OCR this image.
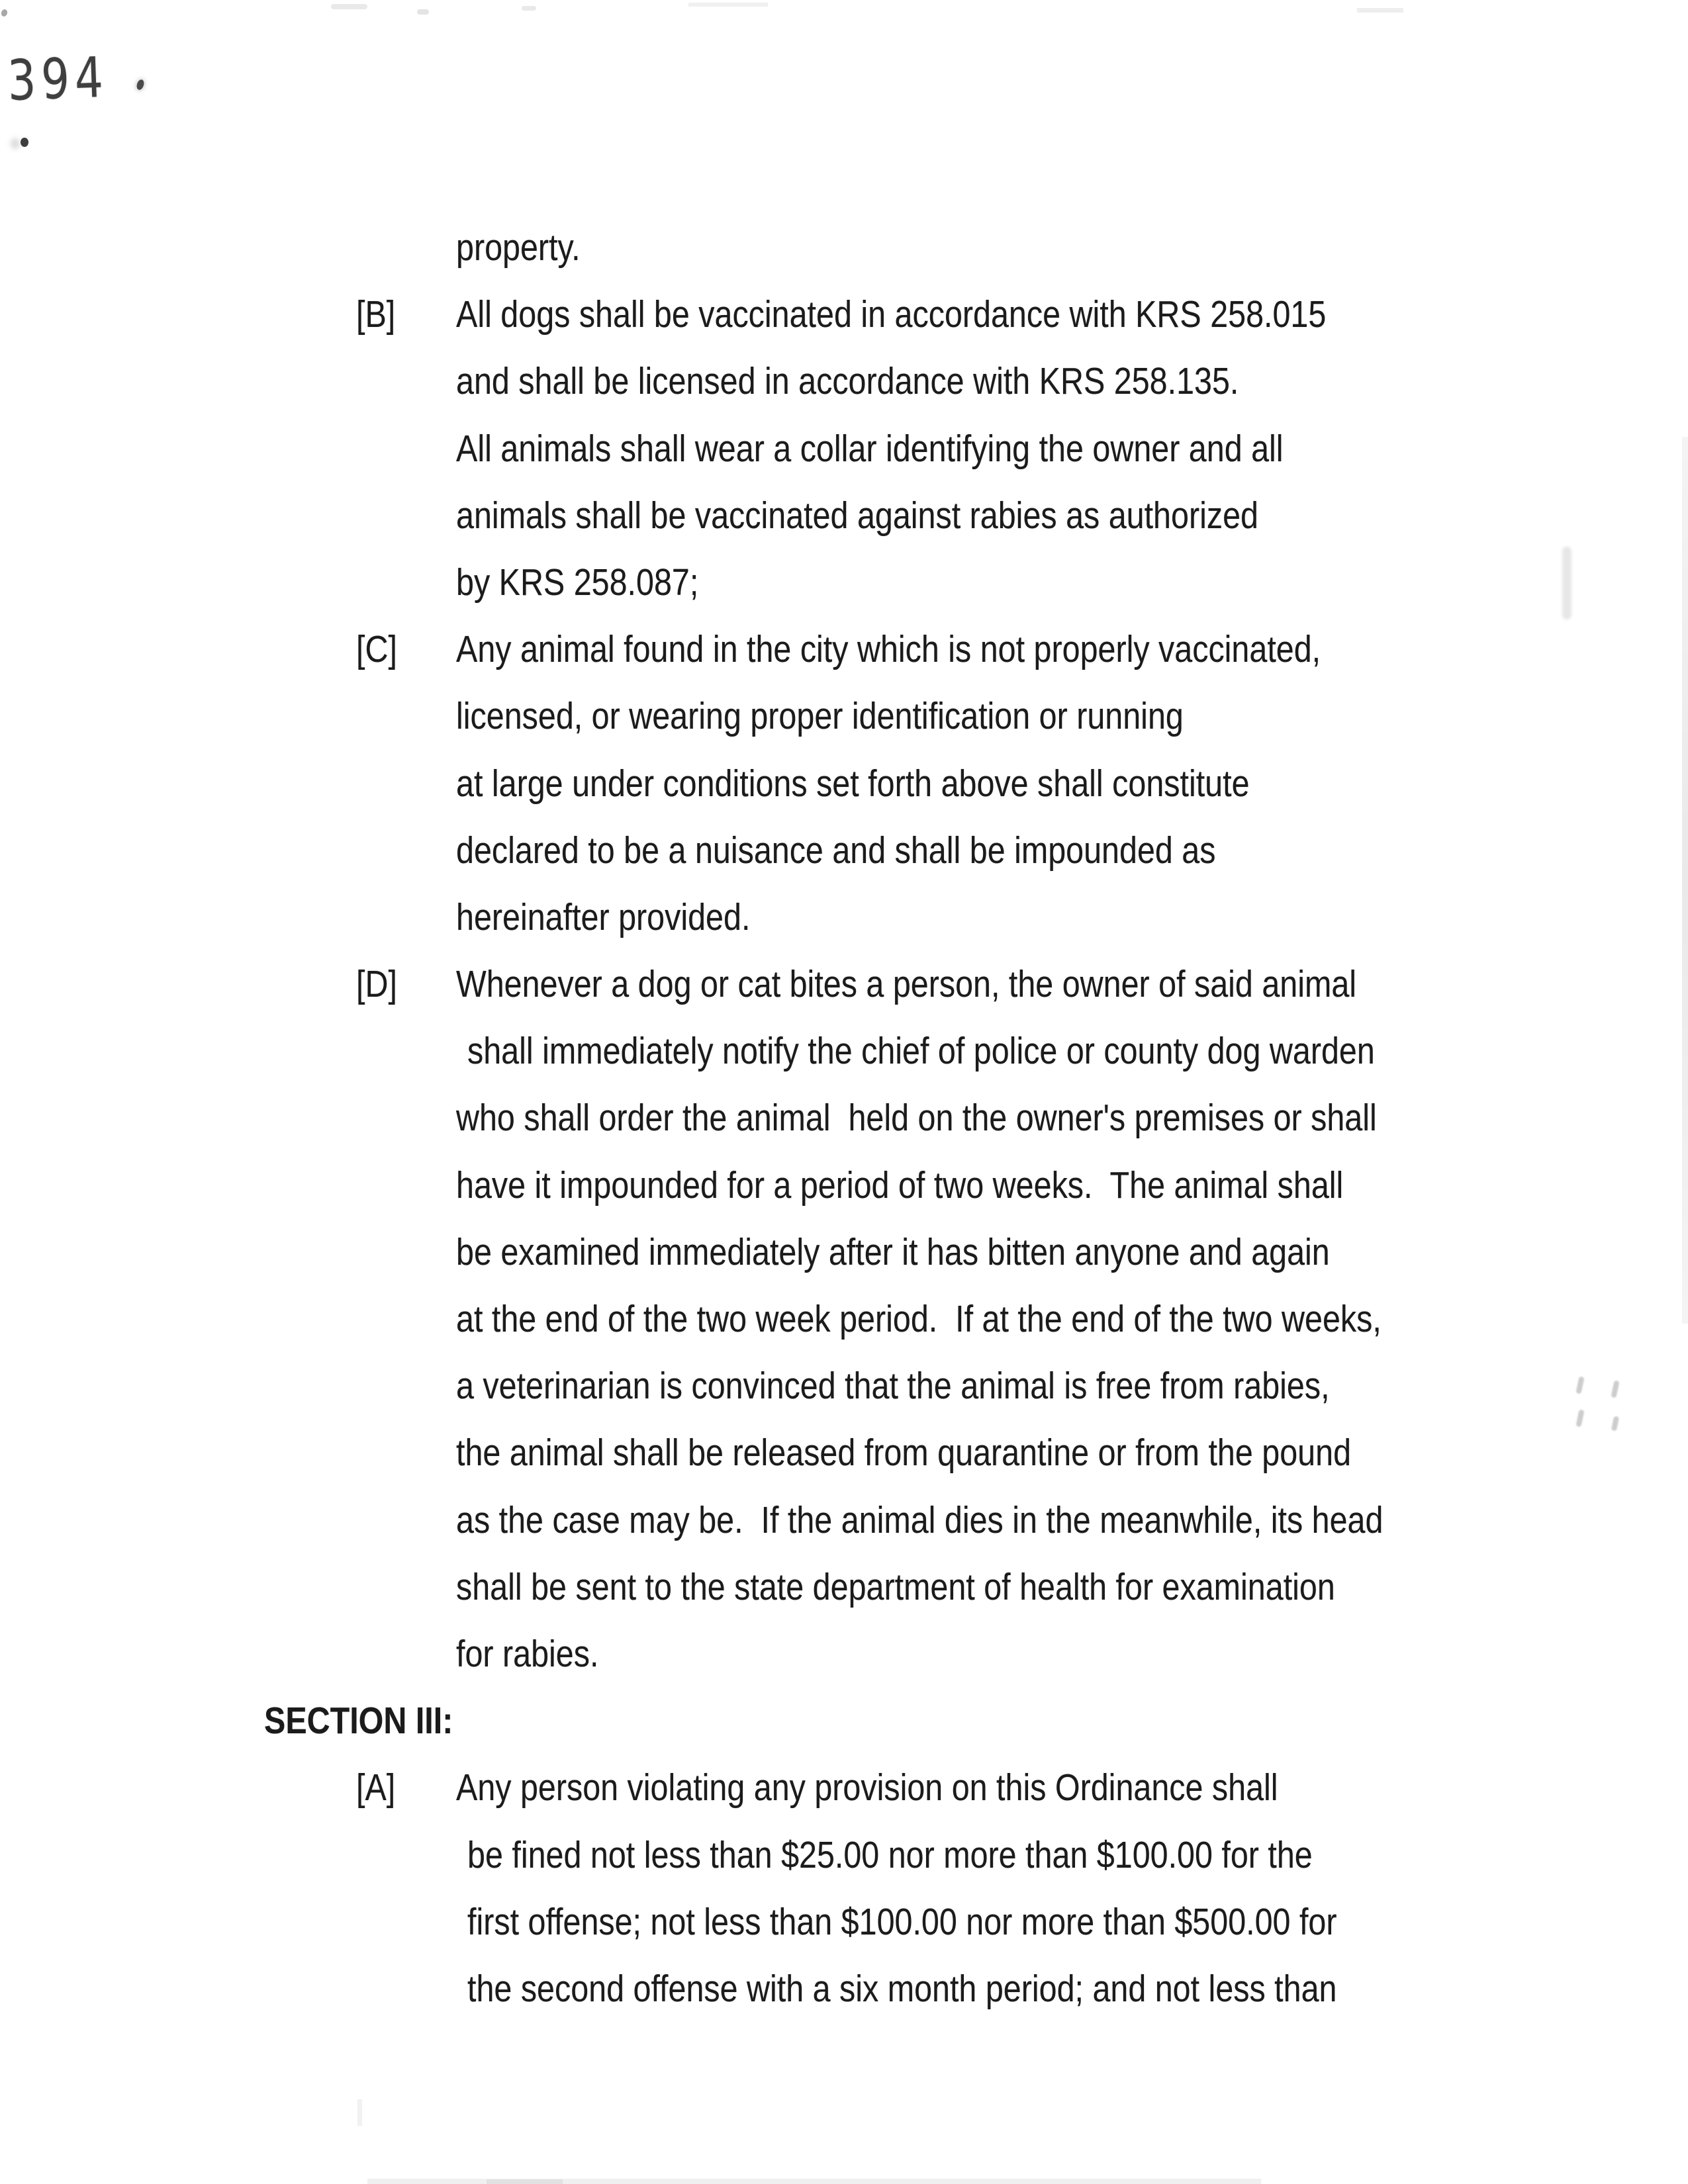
394
property.
[B] All dogs shall be vaccinated in accordance with KRS 258.015
and shall be licensed in accordance with KRS 258.135.
All animals shall wear a collar identifying the owner and all
animals shall be vaccinated against rabies as authorized
by KRS 258.087;
[C] Any animal found in the city which is not properly vaccinated,
licensed, or wearing proper identification or running
at large under conditions set forth above shall constitute
declared to be a nuisance and shall be impounded as
hereinafter provided.
[D] Whenever a dog or cat bites a person, the owner of said animal
shall immediately notify the chief of police or county dog warden
who shall order the animal  held on the owner's premises or shall
have it impounded for a period of two weeks.  The animal shall
be examined immediately after it has bitten anyone and again
at the end of the two week period.  If at the end of the two weeks,
a veterinarian is convinced that the animal is free from rabies,
the animal shall be released from quarantine or from the pound
as the case may be.  If the animal dies in the meanwhile, its head
shall be sent to the state department of health for examination
for rabies.
SECTION III:
[A] Any person violating any provision on this Ordinance shall
be fined not less than $25.00 nor more than $100.00 for the
first offense; not less than $100.00 nor more than $500.00 for
the second offense with a six month period; and not less than
